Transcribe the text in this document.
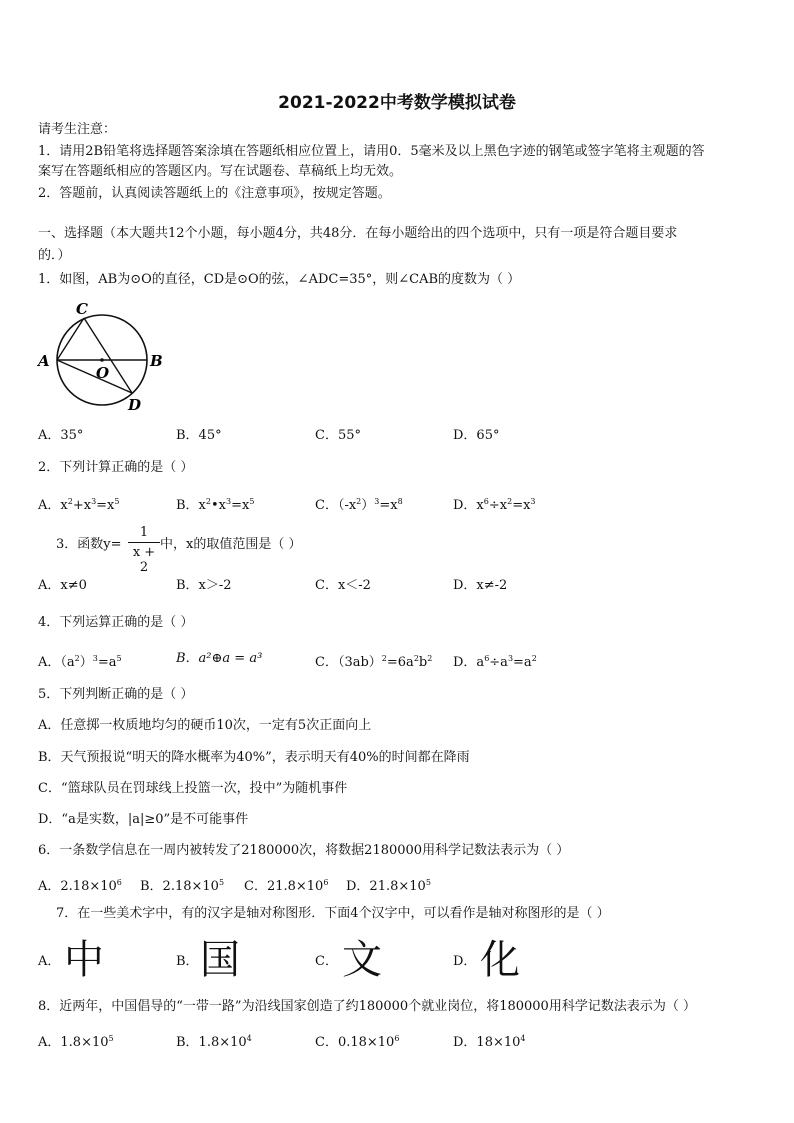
2021-2022中考数学模拟试卷
请考生注意：
1．请用2B铅笔将选择题答案涂填在答题纸相应位置上，请用0．5毫米及以上黑色字迹的钢笔或签字笔将主观题的答
案写在答题纸相应的答题区内。写在试题卷、草稿纸上均无效。
2．答题前，认真阅读答题纸上的《注意事项》，按规定答题。
一、选择题（本大题共12个小题，每小题4分，共48分．在每小题给出的四个选项中，只有一项是符合题目要求
的．）
1．如图，AB为⊙O的直径，CD是⊙O的弦，∠ADC=35°，则∠CAB的度数为（ ）
C
A	B
O
D
A．35°	B．45°	C．55°	D．65°
2．下列计算正确的是（ ）
A．$x^2+x^3=x^5$	B．$x^2•x^3=x^5$	C．$(-x^2)^3=x^8$	D．$x^6\div x^2=x^3$
3．函数y=
1
x + 2
中，x的取值范围是（ ）
A．x≠0	B．x＞-2	C．x＜-2	D．x≠-2
4．下列运算正确的是（ ）
A．$(a^2)^3=a^5$	B．a²⊕a = a³	C．$(3ab)^2=6a^2b^2$ D．$a^6\div a^3=a^2$
5．下列判断正确的是（ ）
A．任意掷一枚质地均匀的硬币10次，一定有5次正面向上
B．天气预报说“明天的降水概率为40%”，表示明天有40%的时间都在降雨
C．“篮球队员在罚球线上投篮一次，投中”为随机事件
D．“a是实数，|a|≥0”是不可能事件
6．一条数学信息在一周内被转发了2180000次，将数据2180000用科学记数法表示为（ ）
A．$2.18\times 10^6$ B．$2.18\times 10^5$ C．$21.8\times 10^6$ D．$21.8\times 10^5$
7．在一些美术字中，有的汉字是轴对称图形．下面4个汉字中，可以看作是轴对称图形的是（ ）
A． 中	B． 国	C． 文	D． 化
8．近两年，中国倡导的“一带一路”为沿线国家创造了约180000个就业岗位，将180000用科学记数法表示为（ ）
A．$1.8\times 10^5$	B．$1.8\times 10^4$	C．$0.18\times 10^6$	D．$18\times 10^4$
